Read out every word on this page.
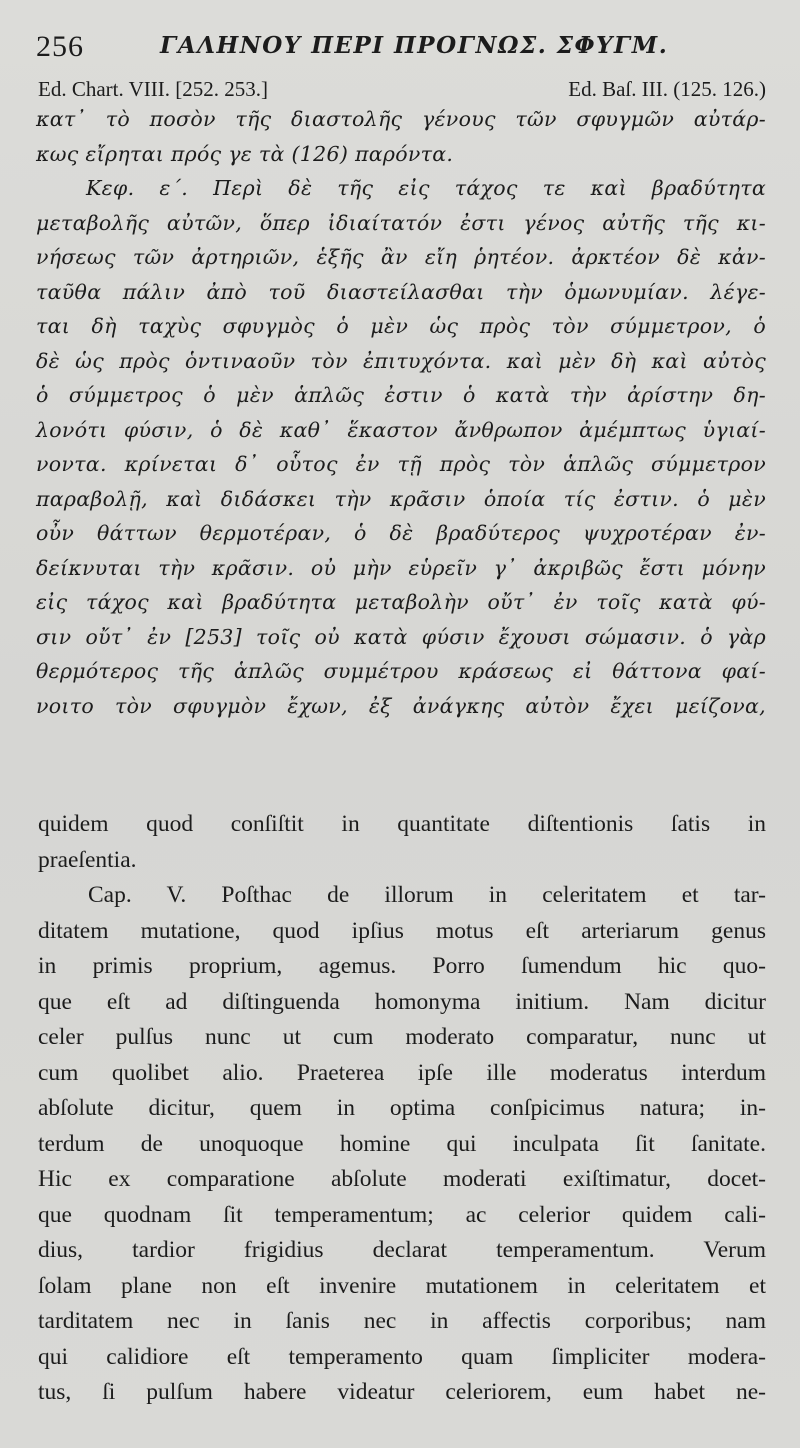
256	ΓΑΛΗΝΟΥ ΠΕΡΙ ΠΡΟΓΝΩΣ. ΣΦΥΓΜ.
Ed. Chart. VIII. [252. 253.]	Ed. Baſ. III. (125. 126.)
κατ᾽ τὸ ποσὸν τῆς διαστολῆς γένους τῶν σφυγμῶν αὐτάρ-
κως εἴρηται πρός γε τὰ (126) παρόντα.
Κεφ. ε΄. Περὶ δὲ τῆς εἰς τάχος τε καὶ βραδύτητα
μεταβολῆς αὐτῶν, ὅπερ ἰδιαίτατόν ἐστι γένος αὐτῆς τῆς κι-
νήσεως τῶν ἀρτηριῶν, ἑξῆς ἂν εἴη ῥητέον. ἀρκτέον δὲ κἀν-
ταῦθα πάλιν ἀπὸ τοῦ διαστείλασθαι τὴν ὁμωνυμίαν. λέγε-
ται δὴ ταχὺς σφυγμὸς ὁ μὲν ὡς πρὸς τὸν σύμμετρον, ὁ
δὲ ὡς πρὸς ὁντιναοῦν τὸν ἐπιτυχόντα. καὶ μὲν δὴ καὶ αὐτὸς
ὁ σύμμετρος ὁ μὲν ἁπλῶς ἐστιν ὁ κατὰ τὴν ἀρίστην δη-
λονότι φύσιν, ὁ δὲ καθ᾽ ἕκαστον ἄνθρωπον ἀμέμπτως ὑγιαί-
νοντα. κρίνεται δ᾽ οὗτος ἐν τῇ πρὸς τὸν ἁπλῶς σύμμετρον
παραβολῇ, καὶ διδάσκει τὴν κρᾶσιν ὁποία τίς ἐστιν. ὁ μὲν
οὖν θάττων θερμοτέραν, ὁ δὲ βραδύτερος ψυχροτέραν ἐν-
δείκνυται τὴν κρᾶσιν. οὐ μὴν εὑρεῖν γ᾽ ἀκριβῶς ἔστι μόνην
εἰς τάχος καὶ βραδύτητα μεταβολὴν οὔτ᾽ ἐν τοῖς κατὰ φύ-
σιν οὔτ᾽ ἐν [253] τοῖς οὐ κατὰ φύσιν ἔχουσι σώμασιν. ὁ γὰρ
θερμότερος τῆς ἁπλῶς συμμέτρου κράσεως εἰ θάττονα φαί-
νοιτο τὸν σφυγμὸν ἔχων, ἐξ ἀνάγκης αὐτὸν ἔχει μείζονα,
quidem quod conſiſtit in quantitate diſtentionis ſatis in
praeſentia.
Cap. V. Poſthac de illorum in celeritatem et tar-
ditatem mutatione, quod ipſius motus eſt arteriarum genus
in primis proprium, agemus. Porro ſumendum hic quo-
que eſt ad diſtinguenda homonyma initium. Nam dicitur
celer pulſus nunc ut cum moderato comparatur, nunc ut
cum quolibet alio. Praeterea ipſe ille moderatus interdum
abſolute dicitur, quem in optima conſpicimus natura; in-
terdum de unoquoque homine qui inculpata ſit ſanitate.
Hic ex comparatione abſolute moderati exiſtimatur, docet-
que quodnam ſit temperamentum; ac celerior quidem cali-
dius, tardior frigidius declarat temperamentum. Verum
ſolam plane non eſt invenire mutationem in celeritatem et
tarditatem nec in ſanis nec in affectis corporibus; nam
qui calidiore eſt temperamento quam ſimpliciter modera-
tus, ſi pulſum habere videatur celeriorem, eum habet ne-
